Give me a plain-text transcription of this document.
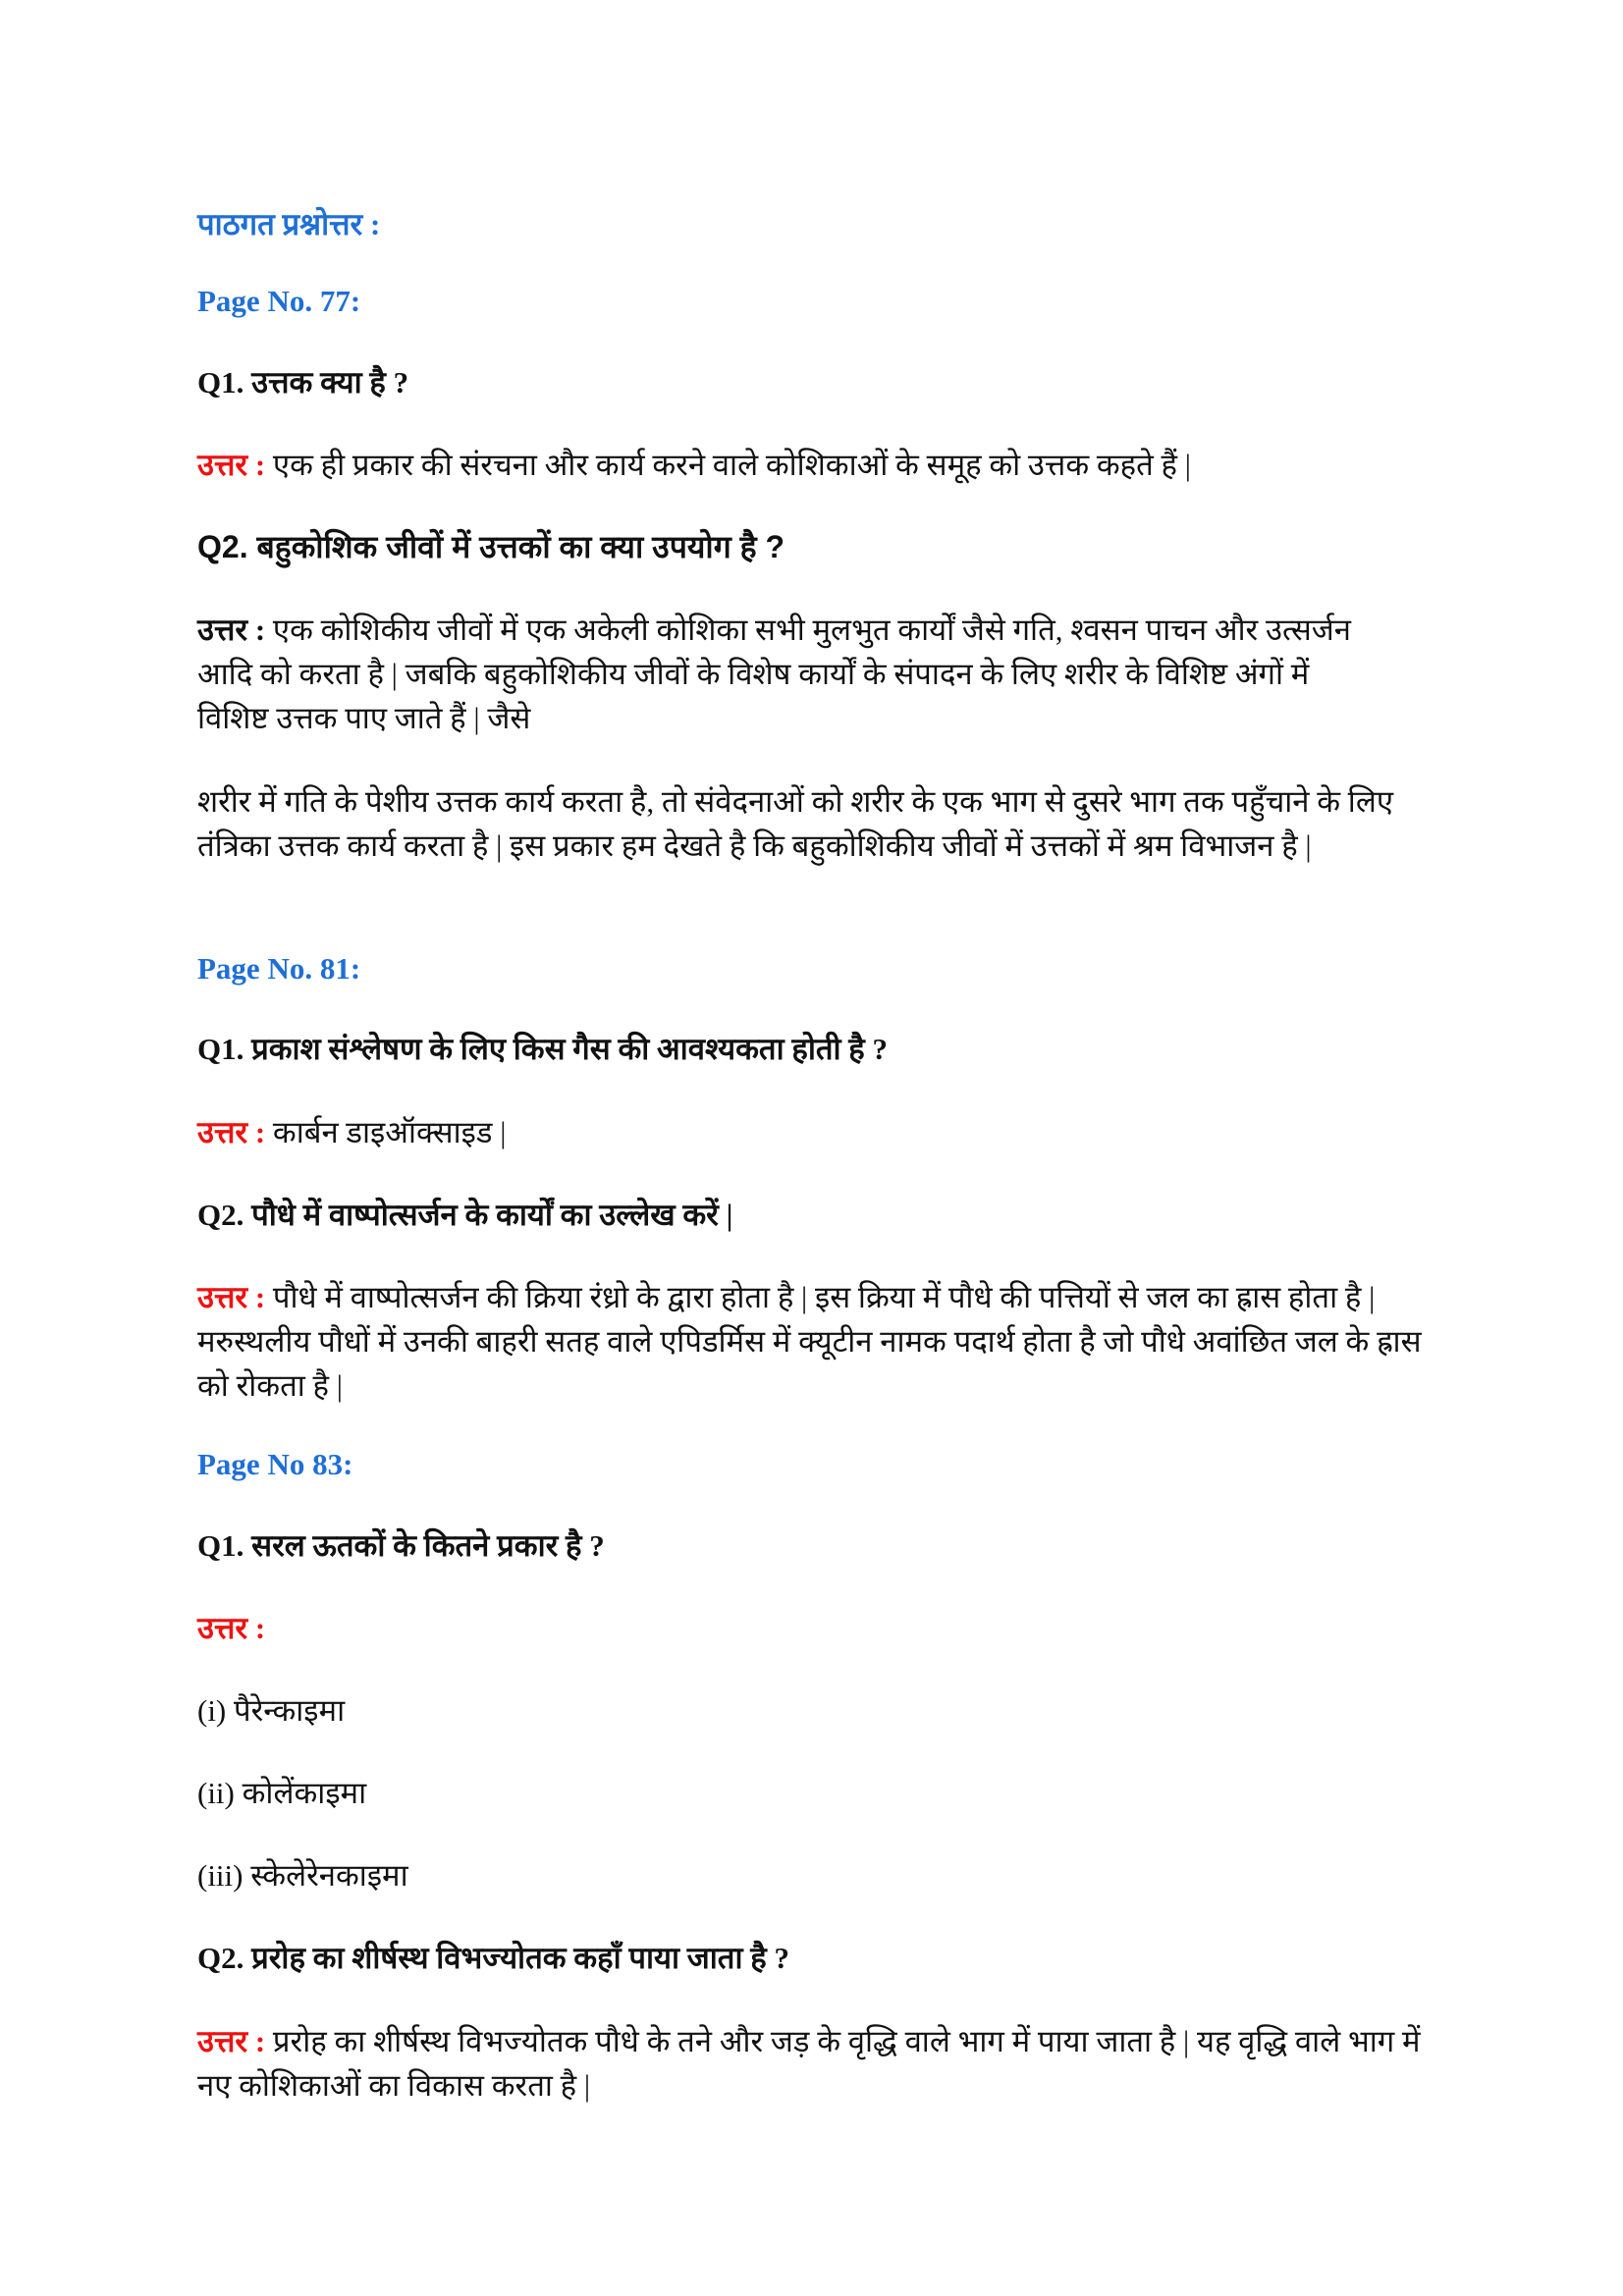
पाठगत प्रश्नोत्तर :
Page No. 77:
Q1. उत्तक क्या है ?
उत्तर : एक ही प्रकार की संरचना और कार्य करने वाले कोशिकाओं के समूह को उत्तक कहते हैं |
Q2. बहुकोशिक जीवों में उत्तकों का क्या उपयोग है ?
उत्तर : एक कोशिकीय जीवों में एक अकेली कोशिका सभी मुलभुत कार्यों जैसे गति, श्वसन पाचन और उत्सर्जन आदि को करता है | जबकि बहुकोशिकीय जीवों के विशेष कार्यों के संपादन के लिए शरीर के विशिष्ट अंगों में विशिष्ट उत्तक पाए जाते हैं | जैसे
शरीर में गति के पेशीय उत्तक कार्य करता है, तो संवेदनाओं को शरीर के एक भाग से दुसरे भाग तक पहुँचाने के लिए तंत्रिका उत्तक कार्य करता है | इस प्रकार हम देखते है कि बहुकोशिकीय जीवों में उत्तकों में श्रम विभाजन है |
Page No. 81:
Q1. प्रकाश संश्लेषण के लिए किस गैस की आवश्यकता होती है ?
उत्तर : कार्बन डाइऑक्साइड |
Q2. पौधे में वाष्पोत्सर्जन के कार्यों का उल्लेख करें |
उत्तर : पौधे में वाष्पोत्सर्जन की क्रिया रंध्रो के द्वारा होता है | इस क्रिया में पौधे की पत्तियों से जल का ह्रास होता है | मरुस्थलीय पौधों में उनकी बाहरी सतह वाले एपिडर्मिस में क्यूटीन नामक पदार्थ होता है जो पौधे अवांछित जल के ह्रास को रोकता है |
Page No 83:
Q1. सरल ऊतकों के कितने प्रकार है ?
उत्तर :
(i) पैरेन्काइमा
(ii) कोलेंकाइमा
(iii) स्केलेरेनकाइमा
Q2. प्ररोह का शीर्षस्थ विभज्योतक कहाँ पाया जाता है ?
उत्तर : प्ररोह का शीर्षस्थ विभज्योतक पौधे के तने और जड़ के वृद्धि वाले भाग में पाया जाता है | यह वृद्धि वाले भाग में नए कोशिकाओं का विकास करता है |
